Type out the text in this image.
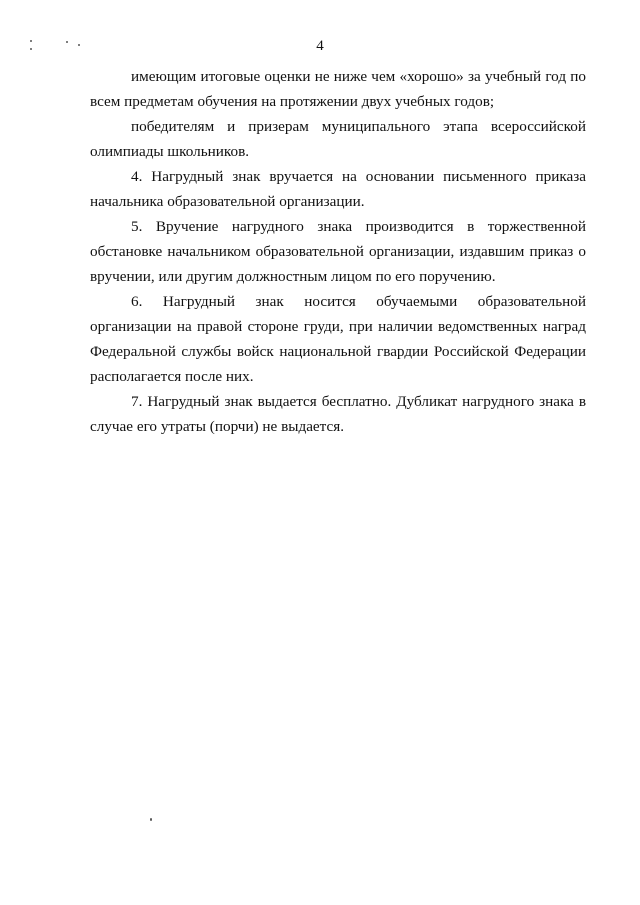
4

имеющим итоговые оценки не ниже чем «хорошо» за учебный год по всем предметам обучения на протяжении двух учебных годов;

победителям и призерам муниципального этапа всероссийской олимпиады школьников.

4. Нагрудный знак вручается на основании письменного приказа начальника образовательной организации.

5. Вручение нагрудного знака производится в торжественной обстановке начальником образовательной организации, издавшим приказ о вручении, или другим должностным лицом по его поручению.

6. Нагрудный знак носится обучаемыми образовательной организации на правой стороне груди, при наличии ведомственных наград Федеральной службы войск национальной гвардии Российской Федерации располагается после них.

7. Нагрудный знак выдается бесплатно. Дубликат нагрудного знака в случае его утраты (порчи) не выдается.
